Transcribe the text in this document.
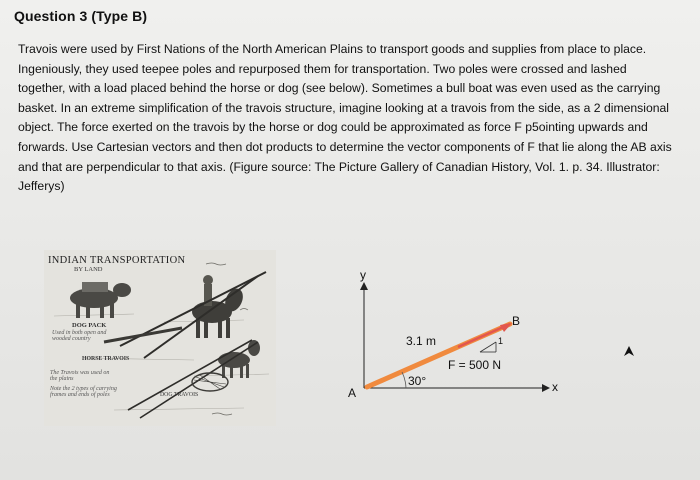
Question 3 (Type B)
Travois were used by First Nations of the North American Plains to transport goods and supplies from place to place. Ingeniously, they used teepee poles and repurposed them for transportation. Two poles were crossed and lashed together, with a load placed behind the horse or dog (see below). Sometimes a bull boat was even used as the carrying basket. In an extreme simplification of the travois structure, imagine looking at a travois from the side, as a 2 dimensional object. The force exerted on the travois by the horse or dog could be approximated as force F p5ointing upwards and forwards. Use Cartesian vectors and then dot products to determine the vector components of F that lie along the AB axis and that are perpendicular to that axis. (Figure source: The Picture Gallery of Canadian History, Vol. 1. p. 34. Illustrator: Jefferys)
INDIAN TRANSPORTATION
BY LAND
DOG PACK
Used in both open and wooded country
HORSE TRAVOIS
The Travois was used on the plains
Note the 2 types of carrying frames and ends of poles	DOG TRAVOIS
y
x
A
B
3.1 m
30°
F = 500 N
1
